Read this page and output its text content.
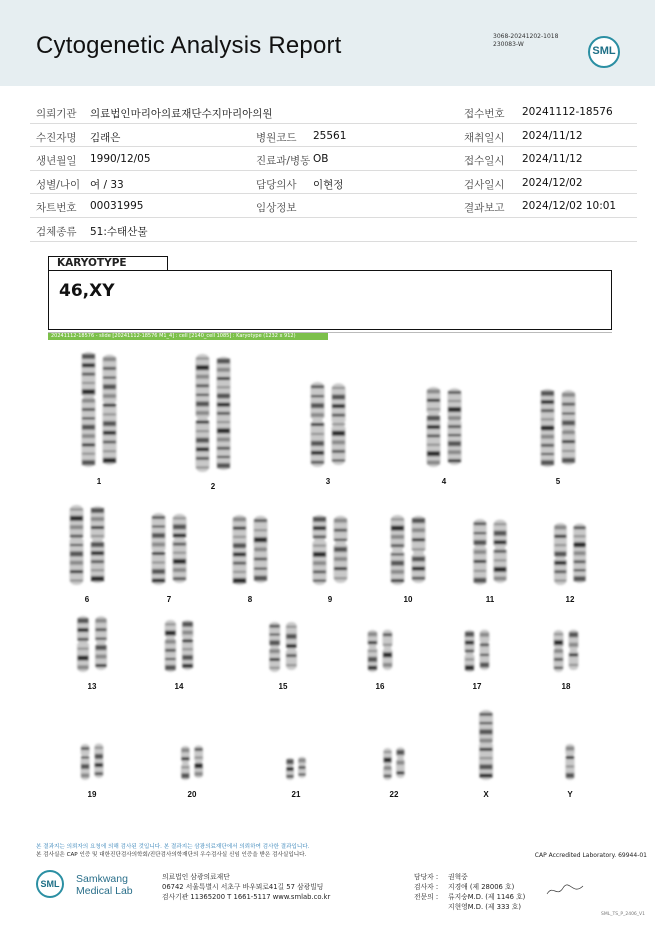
Cytogenetic Analysis Report	3068-20241202-1018
230083-W
SML
의뢰기관 의료법인마리아의료재단수지마리아의원	접수번호 20241112-18576
수진자명 김래은	병원코드 25561	채취일시 2024/11/12
생년월일 1990/12/05	진료과/병동 OB	접수일시 2024/11/12
성별/나이 여 / 33	담당의사 이현정	검사일시 2024/12/02
차트번호 00031995	임상정보	결과보고 2024/12/02 10:01
검체종류 51:수태산물
KARYOTYPE
46,XY
20241112-18576 - slide [20241112-18576 M1_4] : cell [2140_cell 1085] : Karyotype (1232 x 912)
1
2
3	4	5
6	7	8	9	10	11	12
13	14	15	16	17	18
19	20	21	22	X	Y
본 결과지는 의뢰자의 요청에 의해 검사된 것입니다. 본 결과지는 삼광의료재단에서 의뢰하여 검사한 결과입니다.
본 검사실은 CAP 인증 및 대한진단검사의학회/진단검사의학재단의 우수검사실 신임 인증을 받은 검사실입니다.	CAP Accredited Laboratory. 69944-01
SML Samkwang
Medical Lab
의료법인 삼광의료재단
06742 서울특별시 서초구 바우뫼로41길 57 삼광빌딩
검사기관 11365200 T 1661-5117 www.smlab.co.kr
담당자 : 권혁중
검사자 : 지경애 (제 28006 호)
전문의 : 류지숭M.D. (제 1146 호)
지현영M.D. (제 333 호)
SML_TS_P_2406_V1
